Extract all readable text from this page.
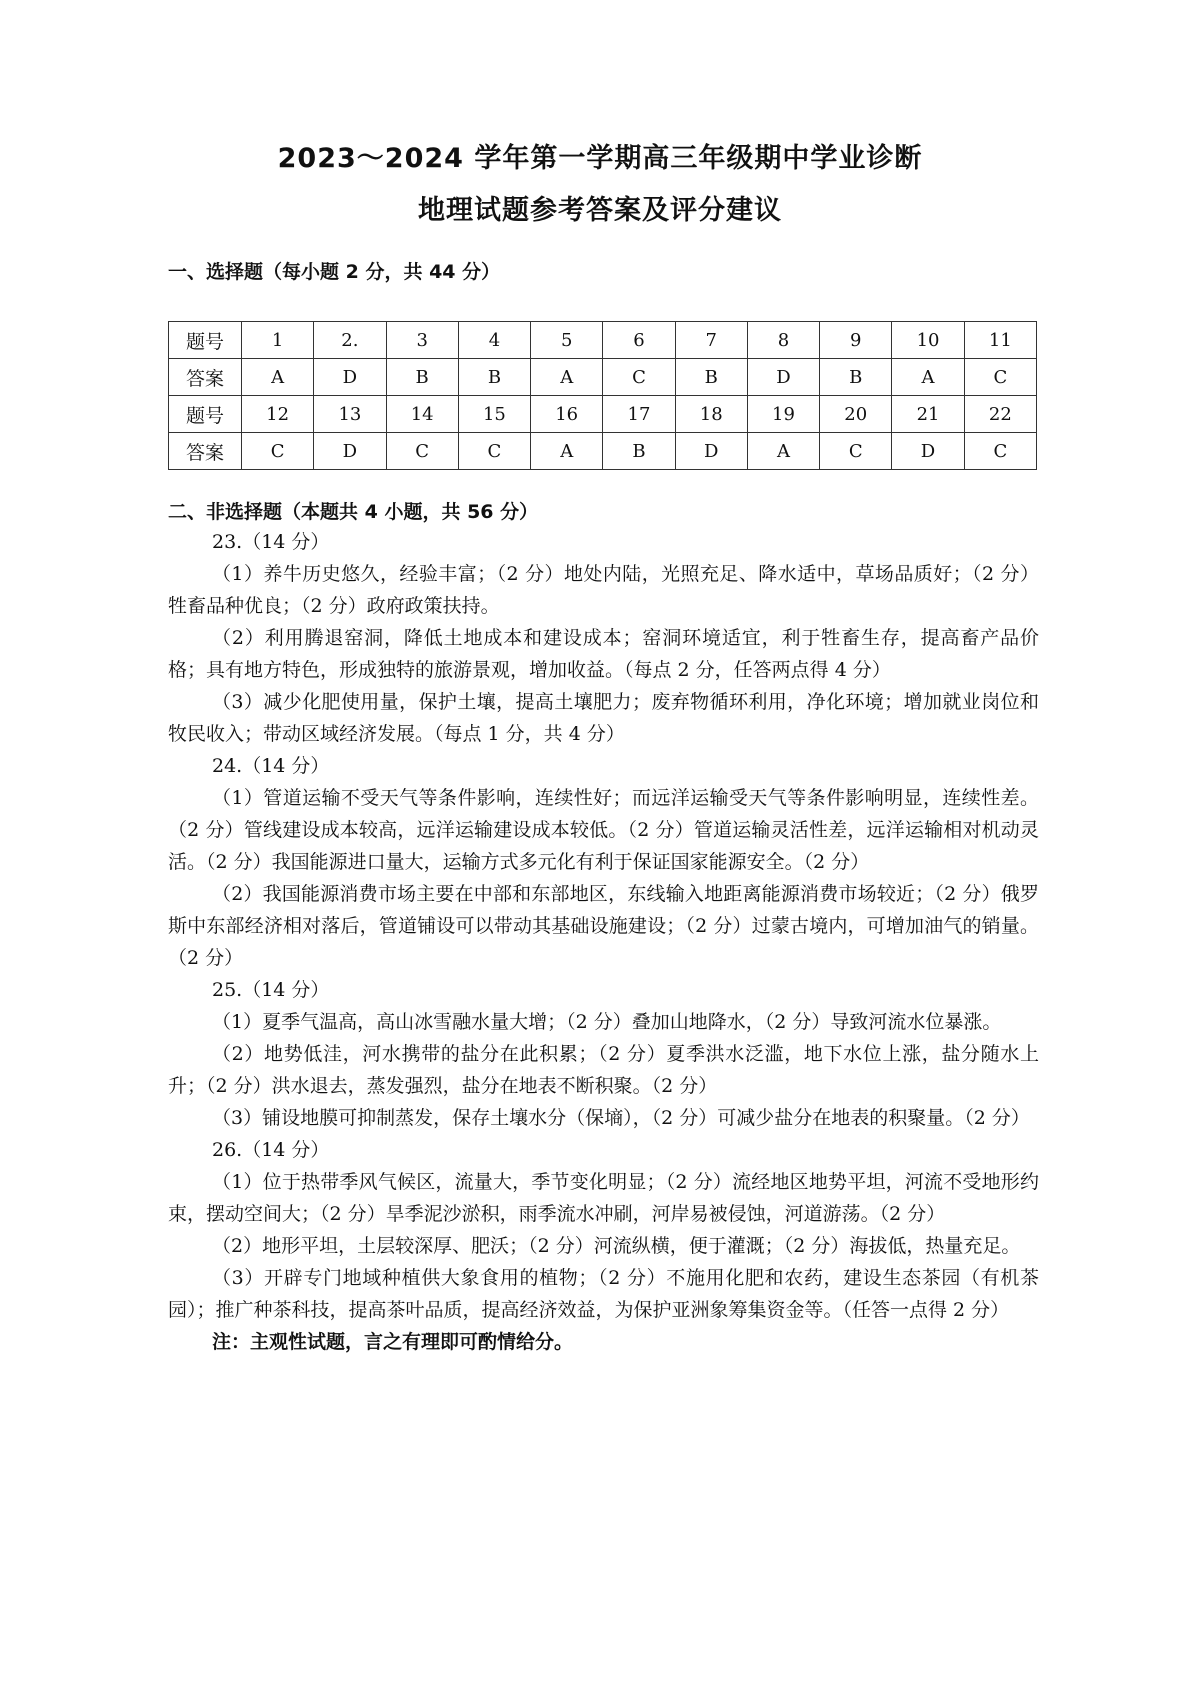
2023～2024 学年第一学期高三年级期中学业诊断
地理试题参考答案及评分建议
一、选择题（每小题 2 分，共 44 分）
题号	1	2.	3	4	5	6	7	8	9	10	11
答案	A	D	B	B	A	C	B	D	B	A	C
题号	12	13	14	15	16	17	18	19	20	21	22
答案	C	D	C	C	A	B	D	A	C	D	C
二、非选择题（本题共 4 小题，共 56 分）

23.（14 分）

（1）养牛历史悠久，经验丰富；（2 分）地处内陆，光照充足、降水适中，草场品质好；（2 分）牲畜品种优良；（2 分）政府政策扶持。

（2）利用腾退窑洞，降低土地成本和建设成本；窑洞环境适宜，利于牲畜生存，提高畜产品价格；具有地方特色，形成独特的旅游景观，增加收益。（每点 2 分，任答两点得 4 分）

（3）减少化肥使用量，保护土壤，提高土壤肥力；废弃物循环利用，净化环境；增加就业岗位和牧民收入；带动区域经济发展。（每点 1 分，共 4 分）

24.（14 分）

（1）管道运输不受天气等条件影响，连续性好；而远洋运输受天气等条件影响明显，连续性差。（2 分）管线建设成本较高，远洋运输建设成本较低。（2 分）管道运输灵活性差，远洋运输相对机动灵活。（2 分）我国能源进口量大，运输方式多元化有利于保证国家能源安全。（2 分）

（2）我国能源消费市场主要在中部和东部地区，东线输入地距离能源消费市场较近；（2 分）俄罗斯中东部经济相对落后，管道铺设可以带动其基础设施建设；（2 分）过蒙古境内，可增加油气的销量。（2 分）

25.（14 分）

（1）夏季气温高，高山冰雪融水量大增；（2 分）叠加山地降水，（2 分）导致河流水位暴涨。

（2）地势低洼，河水携带的盐分在此积累；（2 分）夏季洪水泛滥，地下水位上涨，盐分随水上升；（2 分）洪水退去，蒸发强烈，盐分在地表不断积聚。（2 分）

（3）铺设地膜可抑制蒸发，保存土壤水分（保墒），（2 分）可减少盐分在地表的积聚量。（2 分）

26.（14 分）

（1）位于热带季风气候区，流量大，季节变化明显；（2 分）流经地区地势平坦，河流不受地形约束，摆动空间大；（2 分）旱季泥沙淤积，雨季流水冲刷，河岸易被侵蚀，河道游荡。（2 分）

（2）地形平坦，土层较深厚、肥沃；（2 分）河流纵横，便于灌溉；（2 分）海拔低，热量充足。

（3）开辟专门地域种植供大象食用的植物；（2 分）不施用化肥和农药，建设生态茶园（有机茶园）；推广种茶科技，提高茶叶品质，提高经济效益，为保护亚洲象筹集资金等。（任答一点得 2 分）

注：主观性试题，言之有理即可酌情给分。
